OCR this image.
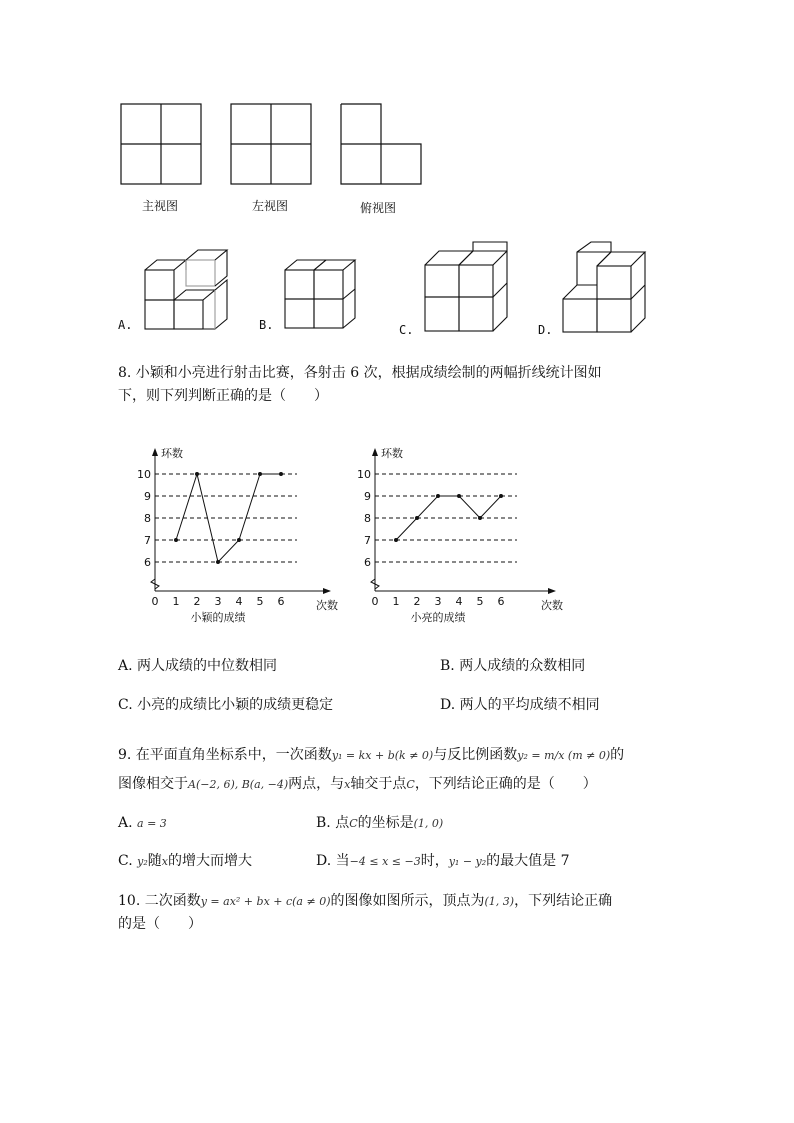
主视图	左视图	俯视图
A.	B.	C.	D.
8. 小颖和小亮进行射击比赛，各射击 6 次，根据成绩绘制的两幅折线统计图如
下，则下列判断正确的是（　　）
6
7
8
9
10
0 1 2 3 4 5 6
环数
次数
小颖的成绩
6
7
8
9
10
0 1 2 3 4 5 6
环数
次数
小亮的成绩
A. 两人成绩的中位数相同	B. 两人成绩的众数相同
C. 小亮的成绩比小颖的成绩更稳定	D. 两人的平均成绩不相同
9. 在平面直角坐标系中，一次函数y₁ = kx + b(k ≠ 0)与反比例函数y₂ = m/x (m ≠ 0)的
图像相交于A(−2, 6), B(a, −4)两点，与x轴交于点C，下列结论正确的是（　　）
A. a = 3	B. 点C的坐标是(1, 0)
C. y₂随x的增大而增大	D. 当−4 ≤ x ≤ −3时，y₁ − y₂的最大值是 7
10. 二次函数y = ax² + bx + c(a ≠ 0)的图像如图所示，顶点为(1, 3)，下列结论正确
的是（　　）
